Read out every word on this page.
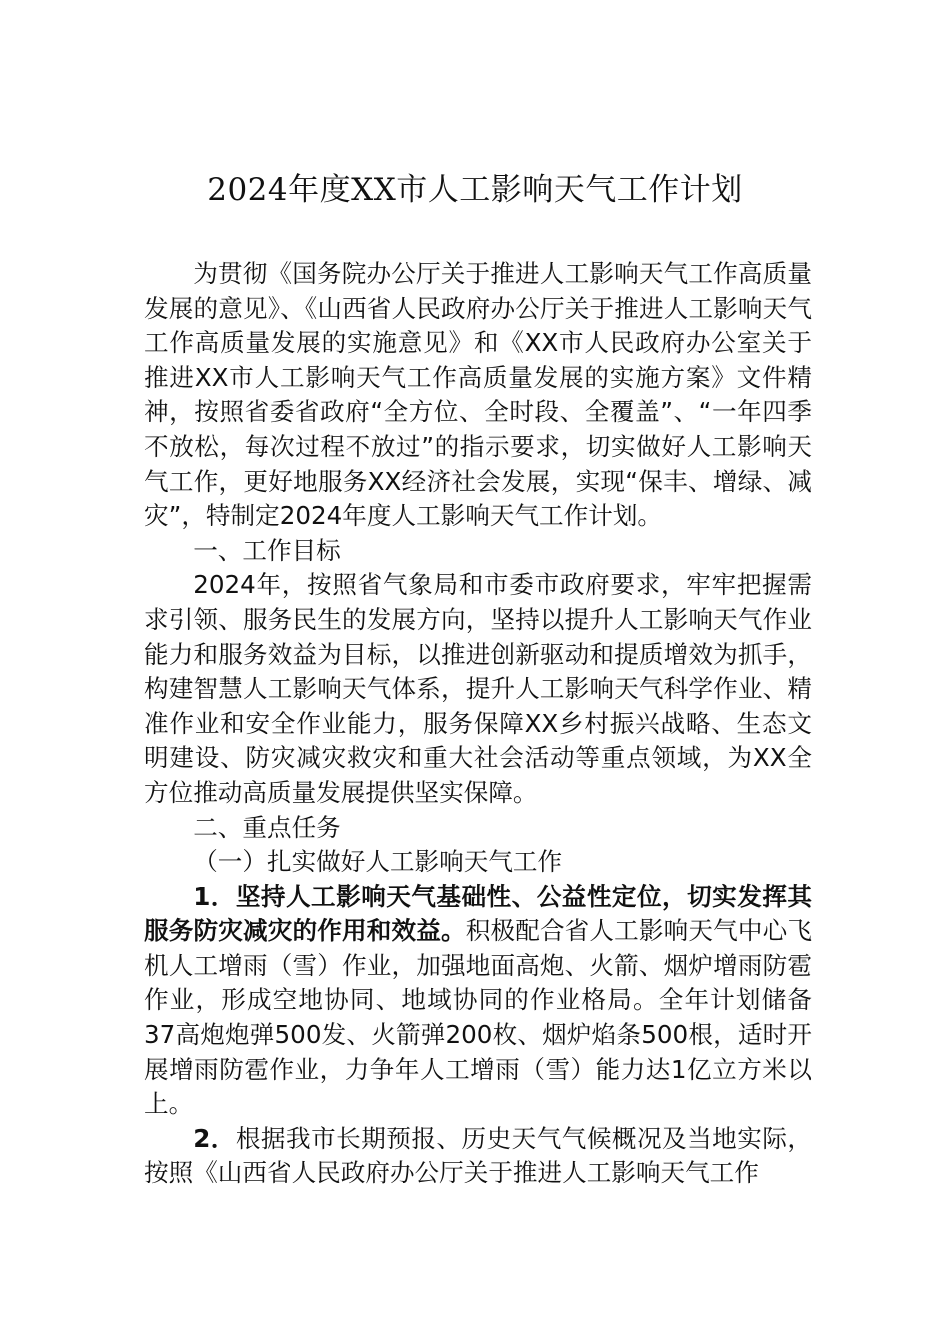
2024年度XX市人工影响天气工作计划

为贯彻《国务院办公厅关于推进人工影响天气工作高质量发展的意见》、《山西省人民政府办公厅关于推进人工影响天气工作高质量发展的实施意见》和《XX市人民政府办公室关于推进XX市人工影响天气工作高质量发展的实施方案》文件精神，按照省委省政府“全方位、全时段、全覆盖”、“一年四季不放松，每次过程不放过”的指示要求，切实做好人工影响天气工作，更好地服务XX经济社会发展，实现“保丰、增绿、减灾”，特制定2024年度人工影响天气工作计划。

一、工作目标

2024年，按照省气象局和市委市政府要求，牢牢把握需求引领、服务民生的发展方向，坚持以提升人工影响天气作业能力和服务效益为目标，以推进创新驱动和提质增效为抓手，构建智慧人工影响天气体系，提升人工影响天气科学作业、精准作业和安全作业能力，服务保障XX乡村振兴战略、生态文明建设、防灾减灾救灾和重大社会活动等重点领域，为XX全方位推动高质量发展提供坚实保障。

二、重点任务

（一）扎实做好人工影响天气工作

1．坚持人工影响天气基础性、公益性定位，切实发挥其服务防灾减灾的作用和效益。积极配合省人工影响天气中心飞机人工增雨（雪）作业，加强地面高炮、火箭、烟炉增雨防雹作业，形成空地协同、地域协同的作业格局。全年计划储备37高炮炮弹500发、火箭弹200枚、烟炉焰条500根，适时开展增雨防雹作业，力争年人工增雨（雪）能力达1亿立方米以上。

2．根据我市长期预报、历史天气气候概况及当地实际，按照《山西省人民政府办公厅关于推进人工影响天气工作
